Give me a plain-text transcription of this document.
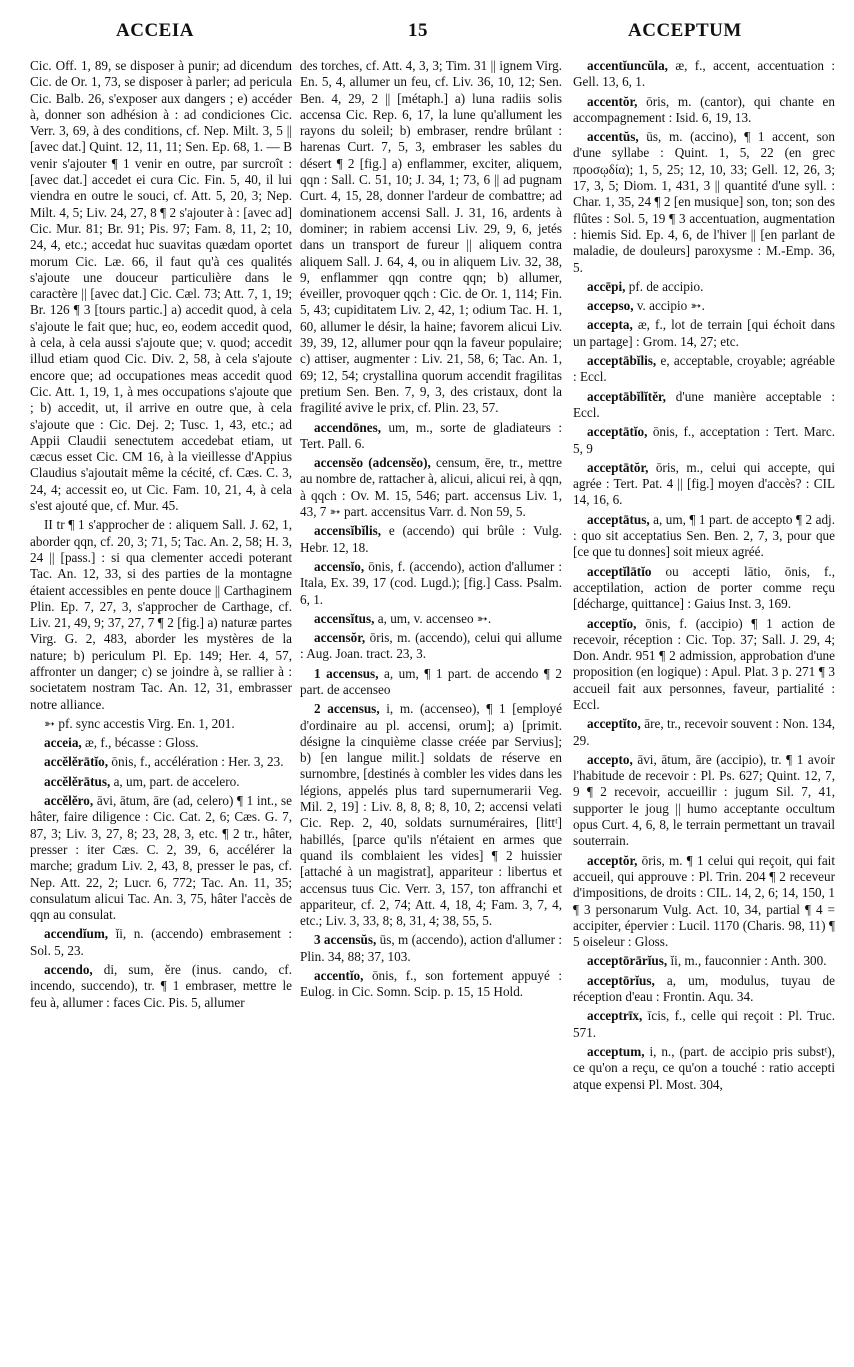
ACCEIA	15	ACCEPTUM

Cic. Off. 1, 89, se disposer à punir; ad dicendum Cic. de Or. 1, 73, se disposer à parler; ad pericula Cic. Balb. 26, s'exposer aux dangers ; e) accéder à, donner son adhésion à : ad condiciones Cic. Verr. 3, 69, à des conditions, cf. Nep. Milt. 3, 5 || [avec dat.] Quint. 12, 11, 11; Sen. Ep. 68, 1. — B venir s'ajouter ¶ 1 venir en outre, par surcroît : [avec dat.] accedet ei cura Cic. Fin. 5, 40, il lui viendra en outre le souci, cf. Att. 5, 20, 3; Nep. Milt. 4, 5; Liv. 24, 27, 8 ¶ 2 s'ajouter à : [avec ad] Cic. Mur. 81; Br. 91; Pis. 97; Fam. 8, 11, 2; 10, 24, 4, etc.; accedat huc suavitas quædam oportet morum Cic. Læ. 66, il faut qu'à ces qualités s'ajoute une douceur particulière dans le caractère || [avec dat.] Cic. Cæl. 73; Att. 7, 1, 19; Br. 126 ¶ 3 [tours partic.] a) accedit quod, à cela s'ajoute le fait que; huc, eo, eodem accedit quod, à cela, à cela aussi s'ajoute que; v. quod; accedit illud etiam quod Cic. Div. 2, 58, à cela s'ajoute encore que; ad occupationes meas accedit quod Cic. Att. 1, 19, 1, à mes occupations s'ajoute que ; b) accedit, ut, il arrive en outre que, à cela s'ajoute que : Cic. Dej. 2; Tusc. 1, 43, etc.; ad Appii Claudii senectutem accedebat etiam, ut cæcus esset Cic. CM 16, à la vieillesse d'Appius Claudius s'ajoutait même la cécité, cf. Cæs. C. 3, 24, 4; accessit eo, ut Cic. Fam. 10, 21, 4, à cela s'est ajouté que, cf. Mur. 45.

II tr ¶ 1 s'approcher de : aliquem Sall. J. 62, 1, aborder qqn, cf. 20, 3; 71, 5; Tac. An. 2, 58; H. 3, 24 || [pass.] : si qua clementer accedi poterant Tac. An. 12, 33, si des parties de la montagne étaient accessibles en pente douce || Carthaginem Plin. Ep. 7, 27, 3, s'approcher de Carthage, cf. Liv. 21, 49, 9; 37, 27, 7 ¶ 2 [fig.] a) naturæ partes Virg. G. 2, 483, aborder les mystères de la nature; b) periculum Pl. Ep. 149; Her. 4, 57, affronter un danger; c) se joindre à, se rallier à : societatem nostram Tac. An. 12, 31, embrasser notre alliance.

➳ pf. sync accestis Virg. En. 1, 201.

acceia, æ, f., bécasse : Gloss.

accĕlĕrātĭo, ōnis, f., accélération : Her. 3, 23.

accĕlĕrātus, a, um, part. de accelero.

accĕlĕro, āvi, ātum, āre (ad, celero) ¶ 1 int., se hâter, faire diligence : Cic. Cat. 2, 6; Cæs. G. 7, 87, 3; Liv. 3, 27, 8; 23, 28, 3, etc. ¶ 2 tr., hâter, presser : iter Cæs. C. 2, 39, 6, accélérer la marche; gradum Liv. 2, 43, 8, presser le pas, cf. Nep. Att. 22, 2; Lucr. 6, 772; Tac. An. 11, 35; consulatum alicui Tac. An. 3, 75, hâter l'accès de qqn au consulat.

accendĭum, ĭi, n. (accendo) embrasement : Sol. 5, 23.

accendo, di, sum, ĕre (inus. cando, cf. incendo, succendo), tr. ¶ 1 embraser, mettre le feu à, allumer : faces Cic. Pis. 5, allumer

des torches, cf. Att. 4, 3, 3; Tim. 31 || ignem Virg. En. 5, 4, allumer un feu, cf. Liv. 36, 10, 12; Sen. Ben. 4, 29, 2 || [métaph.] a) luna radiis solis accensa Cic. Rep. 6, 17, la lune qu'allument les rayons du soleil; b) embraser, rendre brûlant : harenas Curt. 7, 5, 3, embraser les sables du désert ¶ 2 [fig.] a) enflammer, exciter, aliquem, qqn : Sall. C. 51, 10; J. 34, 1; 73, 6 || ad pugnam Curt. 4, 15, 28, donner l'ardeur de combattre; ad dominationem accensi Sall. J. 31, 16, ardents à dominer; in rabiem accensi Liv. 29, 9, 6, jetés dans un transport de fureur || aliquem contra aliquem Sall. J. 64, 4, ou in aliquem Liv. 32, 38, 9, enflammer qqn contre qqn; b) allumer, éveiller, provoquer qqch : Cic. de Or. 1, 114; Fin. 5, 43; cupiditatem Liv. 2, 42, 1; odium Tac. H. 1, 60, allumer le désir, la haine; favorem alicui Liv. 39, 39, 12, allumer pour qqn la faveur populaire; c) attiser, augmenter : Liv. 21, 58, 6; Tac. An. 1, 69; 12, 54; crystallina quorum accendit fragilitas pretium Sen. Ben. 7, 9, 3, des cristaux, dont la fragilité avive le prix, cf. Plin. 23, 57.

accendōnes, um, m., sorte de gladiateurs : Tert. Pall. 6.

accensĕo (adcensĕo), censum, ēre, tr., mettre au nombre de, rattacher à, alicui, alicui rei, à qqn, à qqch : Ov. M. 15, 546; part. accensus Liv. 1, 43, 7 ➳ part. accensitus Varr. d. Non 59, 5.

accensĭbĭlis, e (accendo) qui brûle : Vulg. Hebr. 12, 18.

accensĭo, ōnis, f. (accendo), action d'allumer : Itala, Ex. 39, 17 (cod. Lugd.); [fig.] Cass. Psalm. 6, 1.

accensĭtus, a, um, v. accenseo ➳.

accensŏr, ōris, m. (accendo), celui qui allume : Aug. Joan. tract. 23, 3.

1 accensus, a, um, ¶ 1 part. de accendo ¶ 2 part. de accenseo

2 accensus, i, m. (accenseo), ¶ 1 [employé d'ordinaire au pl. accensi, orum]; a) [primit. désigne la cinquième classe créée par Servius]; b) [en langue milit.] soldats de réserve en surnombre, [destinés à combler les vides dans les légions, appelés plus tard supernumerarii Veg. Mil. 2, 19] : Liv. 8, 8, 8; 8, 10, 2; accensi velati Cic. Rep. 2, 40, soldats surnuméraires, [littᵗ] habillés, [parce qu'ils n'étaient en armes que quand ils comblaient les vides] ¶ 2 huissier [attaché à un magistrat], appariteur : libertus et accensus tuus Cic. Verr. 3, 157, ton affranchi et appariteur, cf. 2, 74; Att. 4, 18, 4; Fam. 3, 7, 4, etc.; Liv. 3, 33, 8; 8, 31, 4; 38, 55, 5.

3 accensŭs, ūs, m (accendo), action d'allumer : Plin. 34, 88; 37, 103.

accentĭo, ōnis, f., son fortement appuyé : Eulog. in Cic. Somn. Scip. p. 15, 15 Hold.

accentĭuncŭla, æ, f., accent, accentuation : Gell. 13, 6, 1.

accentŏr, ōris, m. (cantor), qui chante en accompagnement : Isid. 6, 19, 13.

accentŭs, ūs, m. (accino), ¶ 1 accent, son d'une syllabe : Quint. 1, 5, 22 (en grec προσῳδία); 1, 5, 25; 12, 10, 33; Gell. 12, 26, 3; 17, 3, 5; Diom. 1, 431, 3 || quantité d'une syll. : Char. 1, 35, 24 ¶ 2 [en musique] son, ton; son des flûtes : Sol. 5, 19 ¶ 3 accentuation, augmentation : hiemis Sid. Ep. 4, 6, de l'hiver || [en parlant de maladie, de douleurs] paroxysme : M.-Emp. 36, 5.

accēpi, pf. de accipio.

accepso, v. accipio ➳.

accepta, æ, f., lot de terrain [qui échoit dans un partage] : Grom. 14, 27; etc.

acceptābĭlis, e, acceptable, croyable; agréable : Eccl.

acceptābĭlĭtĕr, d'une manière acceptable : Eccl.

acceptātĭo, ōnis, f., acceptation : Tert. Marc. 5, 9

acceptātŏr, ōris, m., celui qui accepte, qui agrée : Tert. Pat. 4 || [fig.] moyen d'accès? : CIL 14, 16, 6.

acceptātus, a, um, ¶ 1 part. de accepto ¶ 2 adj. : quo sit acceptatius Sen. Ben. 2, 7, 3, pour que [ce que tu donnes] soit mieux agréé.

acceptĭlātĭo ou accepti lātio, ōnis, f., acceptilation, action de porter comme reçu [décharge, quittance] : Gaius Inst. 3, 169.

acceptĭo, ōnis, f. (accipio) ¶ 1 action de recevoir, réception : Cic. Top. 37; Sall. J. 29, 4; Don. Andr. 951 ¶ 2 admission, approbation d'une proposition (en logique) : Apul. Plat. 3 p. 271 ¶ 3 accueil fait aux personnes, faveur, partialité : Eccl.

acceptĭto, āre, tr., recevoir souvent : Non. 134, 29.

accepto, āvi, ātum, āre (accipio), tr. ¶ 1 avoir l'habitude de recevoir : Pl. Ps. 627; Quint. 12, 7, 9 ¶ 2 recevoir, accueillir : jugum Sil. 7, 41, supporter le joug || humo acceptante occultum opus Curt. 4, 6, 8, le terrain permettant un travail souterrain.

acceptŏr, ōris, m. ¶ 1 celui qui reçoit, qui fait accueil, qui approuve : Pl. Trin. 204 ¶ 2 receveur d'impositions, de droits : CIL. 14, 2, 6; 14, 150, 1 ¶ 3 personarum Vulg. Act. 10, 34, partial ¶ 4 = accipiter, épervier : Lucil. 1170 (Charis. 98, 11) ¶ 5 oiseleur : Gloss.

acceptōrārĭus, ĭi, m., fauconnier : Anth. 300.

acceptōrĭus, a, um, modulus, tuyau de réception d'eau : Frontin. Aqu. 34.

acceptrīx, īcis, f., celle qui reçoit : Pl. Truc. 571.

acceptum, i, n., (part. de accipio pris substᵗ), ce qu'on a reçu, ce qu'on a touché : ratio accepti atque expensi Pl. Most. 304,
